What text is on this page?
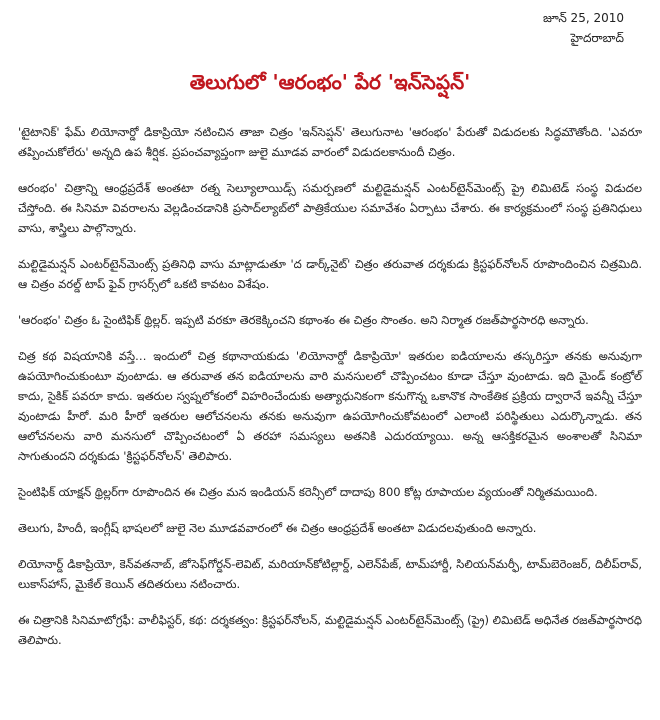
జూన్ 25, 2010
హైదరాబాద్
తెలుగులో 'ఆరంభం' పేర 'ఇన్‌సెప్షన్'

'టైటానిక్' ఫేమ్ లియోనార్డో డికాప్రియో నటించిన తాజా చిత్రం 'ఇన్‌సెప్షన్' తెలుగునాట 'ఆరంభం' పేరుతో విడుదలకు సిద్ధమౌతోంది. 'ఎవరూ తప్పించుకోలేరు' అన్నది ఉప శీర్షిక. ప్రపంచవ్యాప్తంగా జులై మూడవ వారంలో విడుదలకానుందీ చిత్రం.

ఆరంభం' చిత్రాన్ని ఆంధ్రప్రదేశ్ అంతటా రత్న సెల్యూలాయిడ్స్ సమర్పణలో మల్టిడైమన్షన్ ఎంటర్‌టైన్‌మెంట్స్ ప్రై లిమిటెడ్ సంస్థ విడుదల చేస్తోంది. ఈ సినిమా వివరాలను వెల్లడించడానికి ప్రసాద్‌ల్యాబ్‌లో పాత్రికేయుల సమావేశం ఏర్పాటు చేశారు. ఈ కార్యక్రమంలో సంస్థ ప్రతినిధులు వాసు, శాస్త్రిలు పాల్గొన్నారు.

మల్టిడైమన్షన్ ఎంటర్‌టైన్‌మెంట్స్ ప్రతినిధి వాసు మాట్లాడుతూ 'ద డార్క్‌నైట్' చిత్రం తరువాత దర్శకుడు క్రిస్టఫర్‌నోలన్ రూపొందించిన చిత్రమిది. ఆ చిత్రం వరల్డ్ టాప్ ఫైవ్ గ్రాసర్స్‌లో ఒకటి కావటం విశేషం.

'ఆరంభం' చిత్రం ఓ సైంటిఫిక్ థ్రిల్లర్. ఇప్పటి వరకూ తెరకెక్కించని కథాంశం ఈ చిత్రం సొంతం. అని నిర్మాత రజత్‌పార్థసారధి అన్నారు.

చిత్ర కథ విషయానికి వస్తే… ఇందులో చిత్ర కథానాయకుడు 'లియోనార్డో డికాప్రియో' ఇతరుల ఐడియాలను తస్కరిస్తూ తనకు అనువుగా ఉపయోగించుకుంటూ వుంటాడు. ఆ తరువాత తన ఐడియాలను వారి మనసులలో చొప్పించటం కూడా చేస్తూ వుంటాడు. ఇది మైండ్ కంట్రోల్ కాదు, సైకిక్ పవరూ కాదు. ఇతరుల స్వప్నలోకంలో విహరించేందుకు అత్యాధునికంగా కనుగొన్న ఒకానొక సాంకేతిక ప్రక్రియ ద్వారానే ఇవన్నీ చేస్తూ వుంటాడు హీరో. మరి హీరో ఇతరుల ఆలోచనలను తనకు అనువుగా ఉపయోగించుకోవటంలో ఎలాంటి పరిస్థితులు ఎదుర్కొన్నాడు. తన ఆలోచనలను వారి మనసులో చొప్పించటంలో ఏ తరహా సమస్యలు అతనికి ఎదురయ్యాయి. అన్న ఆసక్తికరమైన అంశాలతో సినిమా సాగుతుందని దర్శకుడు 'క్రిస్టఫర్‌నోలన్' తెలిపారు.

సైంటిఫిక్ యాక్షన్ థ్రిల్లర్‌గా రూపొందిన ఈ చిత్రం మన ఇండియన్ కరెన్సీలో దాదాపు 800 కోట్ల రూపాయల వ్యయంతో నిర్మితమయింది.

తెలుగు, హిందీ, ఇంగ్లీష్ భాషలలో జులై నెల మూడవవారంలో ఈ చిత్రం ఆంధ్రప్రదేశ్ అంతటా విడుదలవుతుంది అన్నారు.

లియోనార్డ్ డికాప్రియో, కెన్‌వతనాబ్, జోసెఫ్‌గోర్డన్-లెవిట్, మరియాన్‌కోటిల్లార్డ్, ఎలెన్‌పేజ్, టామ్‌హార్డీ, సిలియన్‌మర్ఫీ, టామ్‌బెరెంజర్, దిలీప్‌రావ్, లుకాస్‌హాస్, మైకేల్ కెయిన్ తదితరులు నటించారు.

ఈ చిత్రానికి సినిమాటోగ్రఫీ: వాలీఫిస్టర్, కథ: దర్శకత్వం: క్రిస్టఫర్‌నోలన్, మల్టిడైమన్షన్ ఎంటర్‌టైన్‌మెంట్స్ (ప్రై) లిమిటెడ్ అధినేత రజత్‌పార్థసారధి తెలిపారు.
